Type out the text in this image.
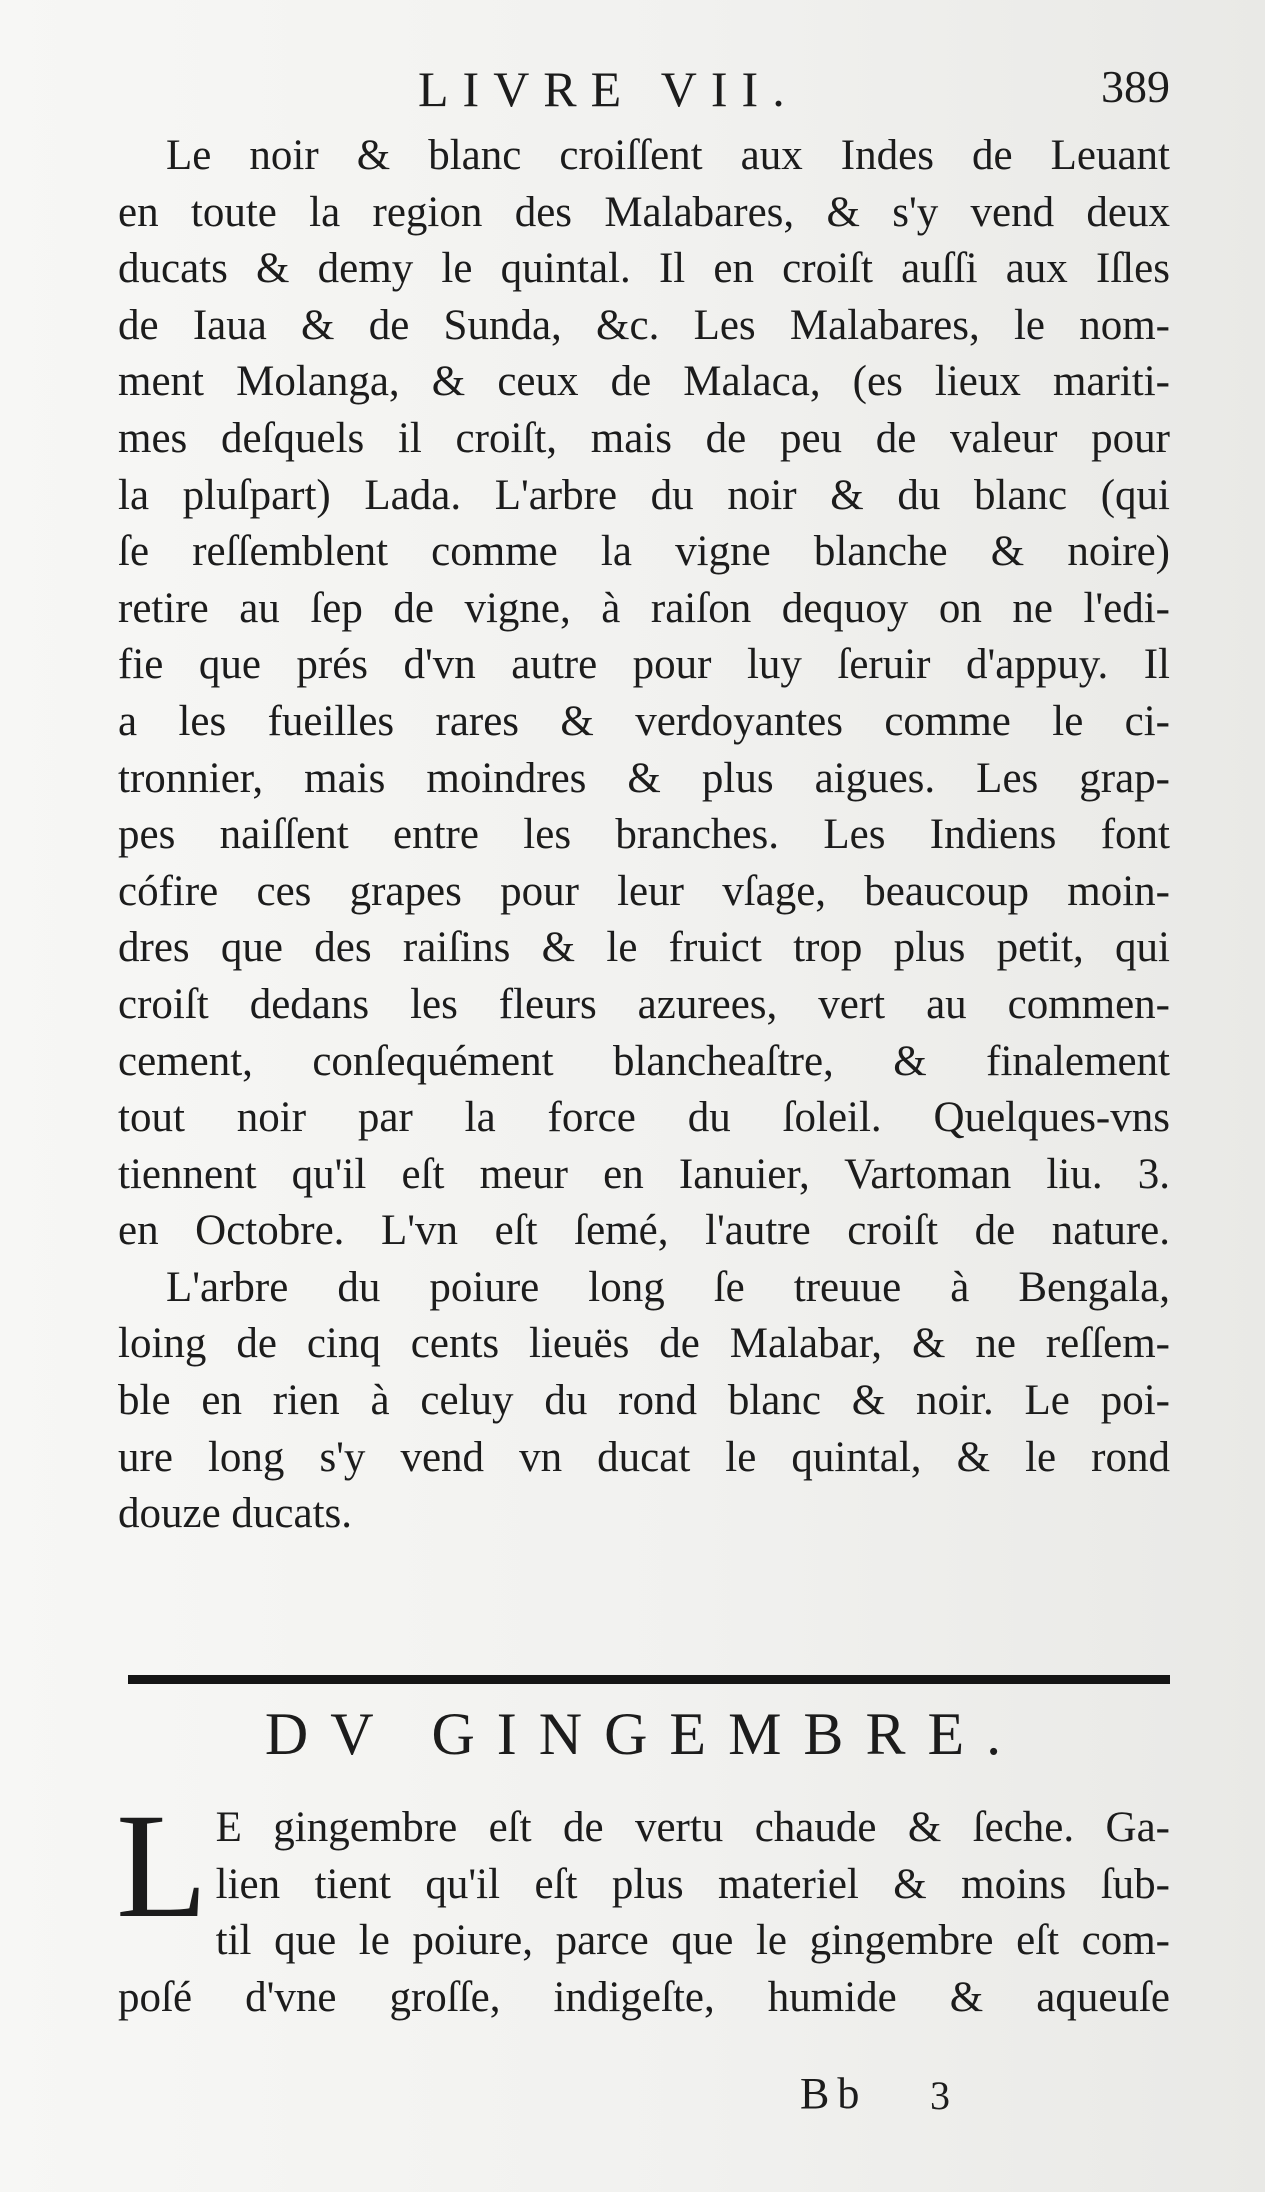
LIVRE VII.	389
Le noir & blanc croiſſent aux Indes de Leuant
en toute la region des Malabares, & s'y vend deux
ducats & demy le quintal. Il en croiſt auſſi aux Iſles
de Iaua & de Sunda, &c. Les Malabares, le nom-
ment Molanga, & ceux de Malaca, (es lieux mariti-
mes deſquels il croiſt, mais de peu de valeur pour
la pluſpart) Lada. L'arbre du noir & du blanc (qui
ſe reſſemblent comme la vigne blanche & noire)
retire au ſep de vigne, à raiſon dequoy on ne l'edi-
fie que prés d'vn autre pour luy ſeruir d'appuy. Il
a les fueilles rares & verdoyantes comme le ci-
tronnier, mais moindres & plus aigues. Les grap-
pes naiſſent entre les branches. Les Indiens font
cófire ces grapes pour leur vſage, beaucoup moin-
dres que des raiſins & le fruict trop plus petit, qui
croiſt dedans les fleurs azurees, vert au commen-
cement, conſequément blancheaſtre, & finalement
tout noir par la force du ſoleil. Quelques-vns
tiennent qu'il eſt meur en Ianuier, Vartoman liu. 3.
en Octobre. L'vn eſt ſemé, l'autre croiſt de nature.
L'arbre du poiure long ſe treuue à Bengala,
loing de cinq cents lieuës de Malabar, & ne reſſem-
ble en rien à celuy du rond blanc & noir. Le poi-
ure long s'y vend vn ducat le quintal, & le rond
douze ducats.
DV GINGEMBRE.
L E gingembre eſt de vertu chaude & ſeche. Ga-
lien tient qu'il eſt plus materiel & moins ſub-
til que le poiure, parce que le gingembre eſt com-
poſé d'vne groſſe, indigeſte, humide & aqueuſe
Bb 3
